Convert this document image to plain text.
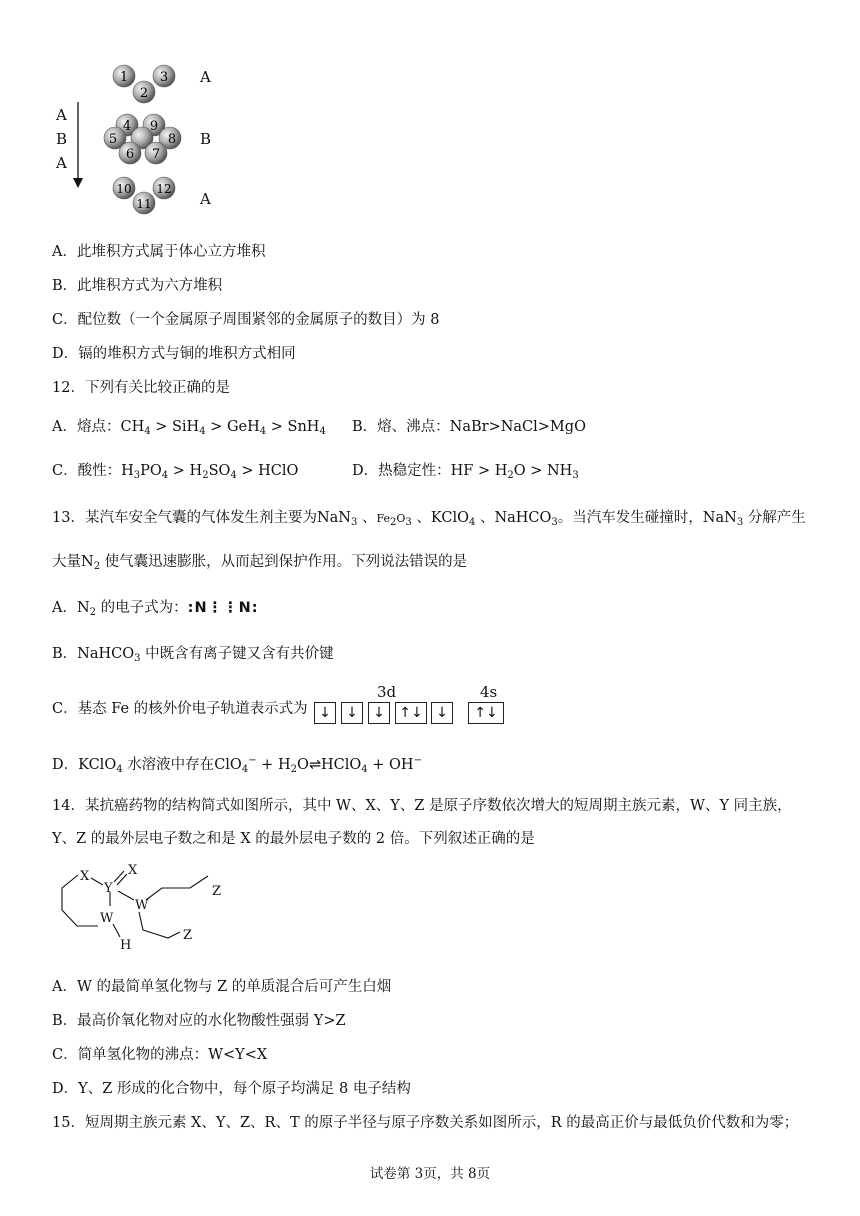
1 3
2
4 9
5	8
6 7
10 12
11
A
B
A
A
B
A
A．此堆积方式属于体心立方堆积
B．此堆积方式为六方堆积
C．配位数（一个金属原子周围紧邻的金属原子的数目）为 8
D．镉的堆积方式与铜的堆积方式相同
12．下列有关比较正确的是
A．熔点：$CH_4 > SiH_4 > GeH_4 > SnH_4$ B．熔、沸点：NaBr>NaCl>MgO
C．酸性：$H_3PO_4 > H_2SO_4$ > HClO	D．热稳定性：HF > $H_2O > NH_3$
13．某汽车安全气囊的气体发生剂主要为NaN$_3$ 、$Fe_2O_3$ 、KClO$_4$ 、NaHCO$_3$。当汽车发生碰撞时，NaN$_3$ 分解产生
大量$N_2$ 使气囊迅速膨胀，从而起到保护作用。下列说法错误的是
A．$N_2$ 的电子式为：:N⋮⋮N:
B．NaHCO$_3$ 中既含有离子键又含有共价键
C．基态 Fe 的核外价电子轨道表示式为
3d	4s
↓	↓	↓	↑↓ ↓	↑↓
D．KClO$_4$ 水溶液中存在$ClO_4^- + H_2O\rightleftharpoons HClO_4 + OH^-$
14．某抗癌药物的结构简式如图所示，其中 W、X、Y、Z 是原子序数依次增大的短周期主族元素，W、Y 同主族，
Y、Z 的最外层电子数之和是 X 的最外层电子数的 2 倍。下列叙述正确的是
X	X
Y
W
W
H
Z
Z
A．W 的最简单氢化物与 Z 的单质混合后可产生白烟
B．最高价氧化物对应的水化物酸性强弱 Y>Z
C．简单氢化物的沸点：W<Y<X
D．Y、Z 形成的化合物中，每个原子均满足 8 电子结构
15．短周期主族元素 X、Y、Z、R、T 的原子半径与原子序数关系如图所示，R 的最高正价与最低负价代数和为零；
试卷第 3页，共 8页
